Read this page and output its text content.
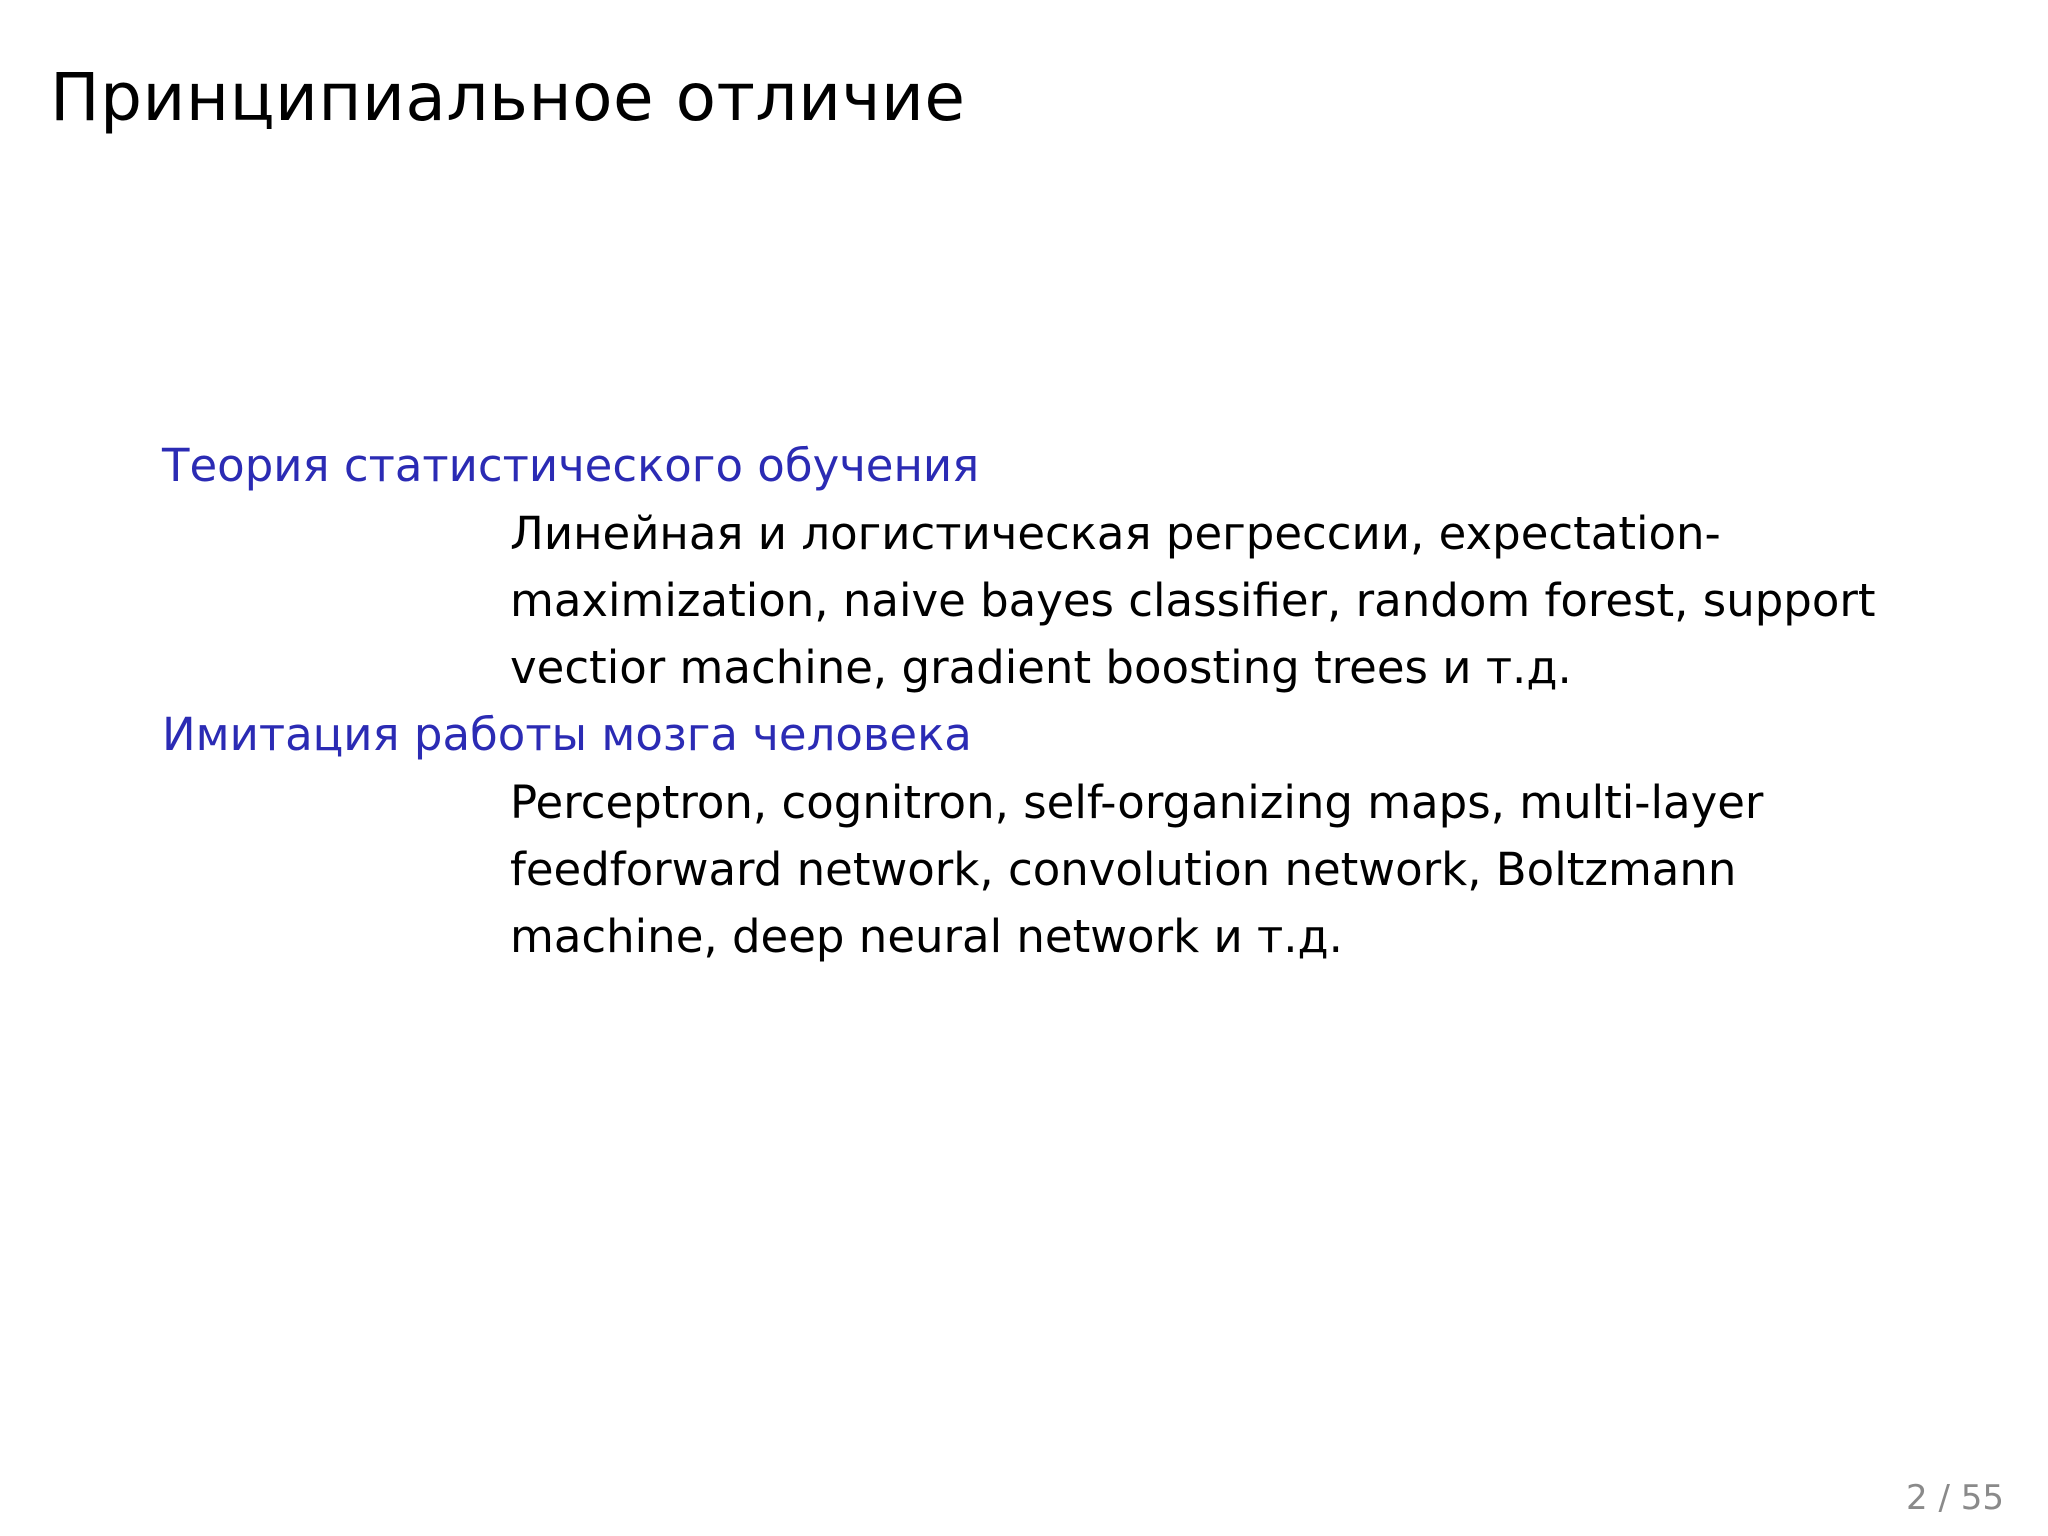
Принципиальное отличие
Теория статистического обучения
Линейная и логистическая регрессии, expectation-maximization, naive bayes classifier, random forest, support vectior machine, gradient boosting trees и т.д.
Имитация работы мозга человека
Perceptron, cognitron, self-organizing maps, multi-layer feedforward network, convolution network, Boltzmann machine, deep neural network и т.д.
2 / 55
